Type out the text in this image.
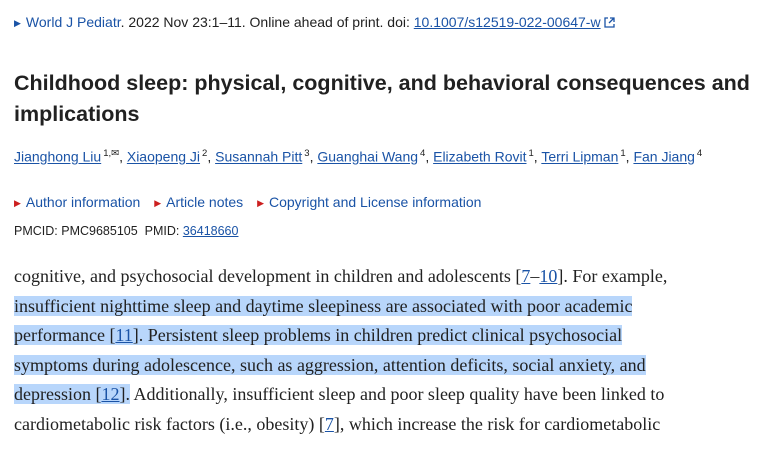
▶ World J Pediatr. 2022 Nov 23:1–11. Online ahead of print. doi: 10.1007/s12519-022-00647-w
Childhood sleep: physical, cognitive, and behavioral consequences and implications
Jianghong Liu $^{1,✉}$, Xiaopeng Ji $^2$, Susannah Pitt $^3$, Guanghai Wang $^4$, Elizabeth Rovit $^1$, Terri Lipman $^1$, Fan Jiang $^4$
▶ Author information ▶ Article notes ▶ Copyright and License information
PMCID: PMC9685105 PMID: 36418660
cognitive, and psychosocial development in children and adolescents [7–10]. For example,
insufficient nighttime sleep and daytime sleepiness are associated with poor academic
performance [11]. Persistent sleep problems in children predict clinical psychosocial
symptoms during adolescence, such as aggression, attention deficits, social anxiety, and
depression [12]. Additionally, insufficient sleep and poor sleep quality have been linked to
cardiometabolic risk factors (i.e., obesity) [7], which increase the risk for cardiometabolic
